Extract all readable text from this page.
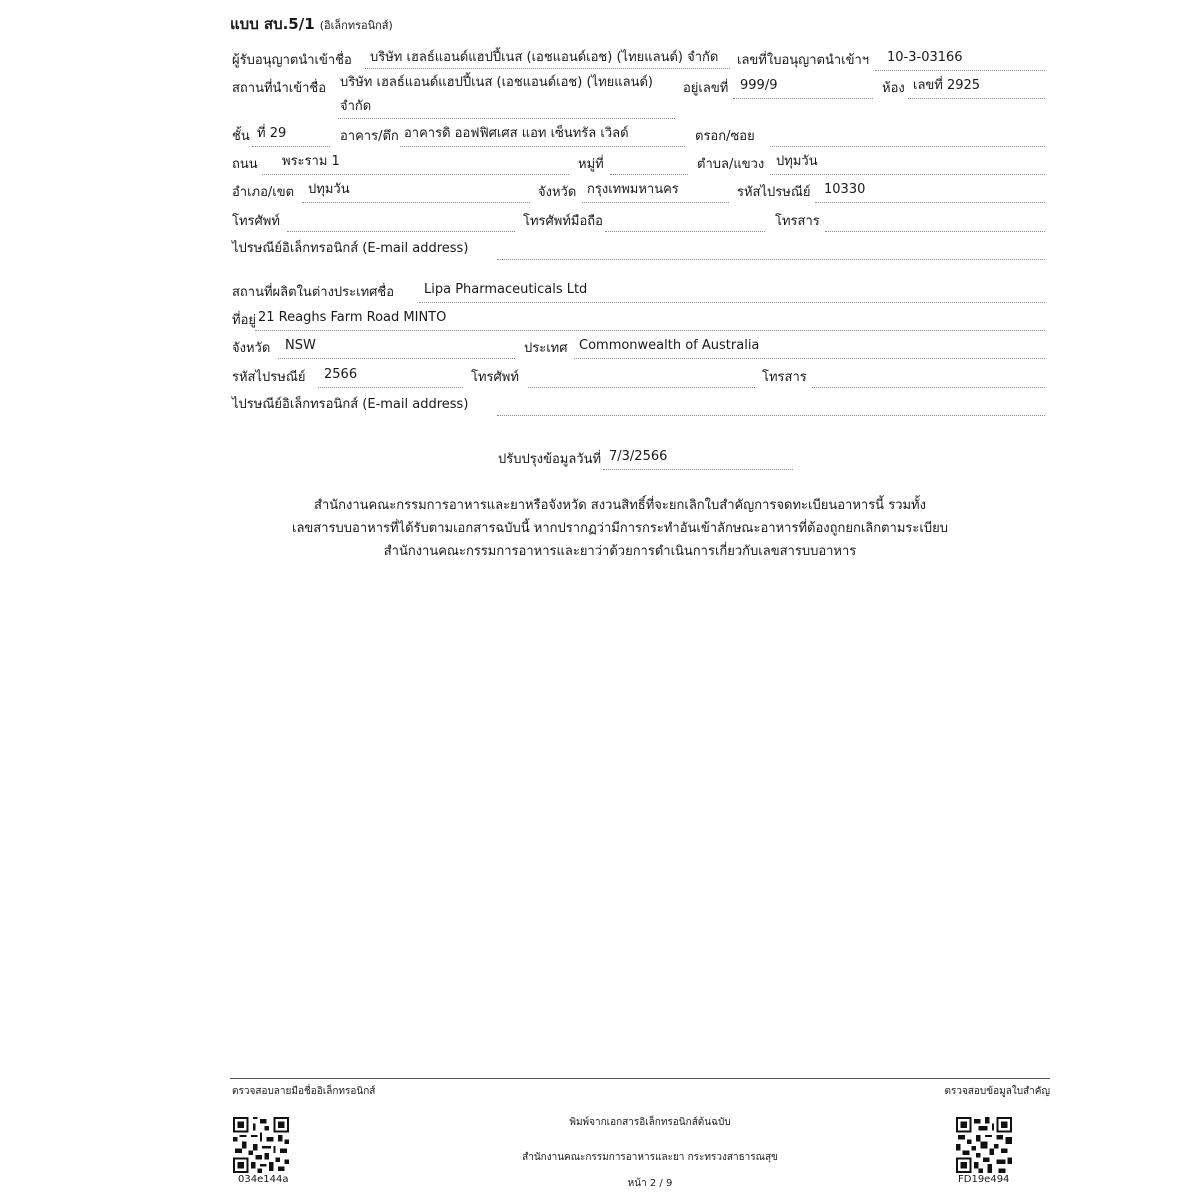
แบบ สบ.5/1 (อิเล็กทรอนิกส์)
ผู้รับอนุญาตนำเข้าชื่อ บริษัท เฮลธ์แอนด์แฮปปี้เนส (เอชแอนด์เอช) (ไทยแลนด์) จำกัด เลขที่ใบอนุญาตนำเข้าฯ 10-3-03166
สถานที่นำเข้าชื่อ บริษัท เฮลธ์แอนด์แฮปปี้เนส (เอชแอนด์เอช) (ไทยแลนด์)
จำกัด
อยู่เลขที่ 999/9	ห้อง เลขที่ 2925
ชั้น ที่ 29	อาคาร/ตึก อาคารดิ ออฟฟิศเศส แอท เซ็นทรัล เวิลด์	ตรอก/ซอย
ถนน พระราม 1	หมู่ที่	ตำบล/แขวง ปทุมวัน
อำเภอ/เขต ปทุมวัน	จังหวัด กรุงเทพมหานคร	รหัสไปรษณีย์ 10330
โทรศัพท์	โทรศัพท์มือถือ	โทรสาร
ไปรษณีย์อิเล็กทรอนิกส์ (E-mail address)
สถานที่ผลิตในต่างประเทศชื่อ Lipa Pharmaceuticals Ltd
ที่อยู่ 21 Reaghs Farm Road MINTO
จังหวัด NSW	ประเทศ Commonwealth of Australia
รหัสไปรษณีย์ 2566	โทรศัพท์	โทรสาร
ไปรษณีย์อิเล็กทรอนิกส์ (E-mail address)
ปรับปรุงข้อมูลวันที่ 7/3/2566
สำนักงานคณะกรรมการอาหารและยาหรือจังหวัด สงวนสิทธิ์ที่จะยกเลิกใบสำคัญการจดทะเบียนอาหารนี้ รวมทั้ง
เลขสารบบอาหารที่ได้รับตามเอกสารฉบับนี้ หากปรากฏว่ามีการกระทำอันเข้าลักษณะอาหารที่ต้องถูกยกเลิกตามระเบียบ
สำนักงานคณะกรรมการอาหารและยาว่าด้วยการดำเนินการเกี่ยวกับเลขสารบบอาหาร
ตรวจสอบลายมือชื่ออิเล็กทรอนิกส์	ตรวจสอบข้อมูลใบสำคัญ
034e144a	FD19e494
พิมพ์จากเอกสารอิเล็กทรอนิกส์ต้นฉบับ
สำนักงานคณะกรรมการอาหารและยา กระทรวงสาธารณสุข
หน้า 2 / 9
